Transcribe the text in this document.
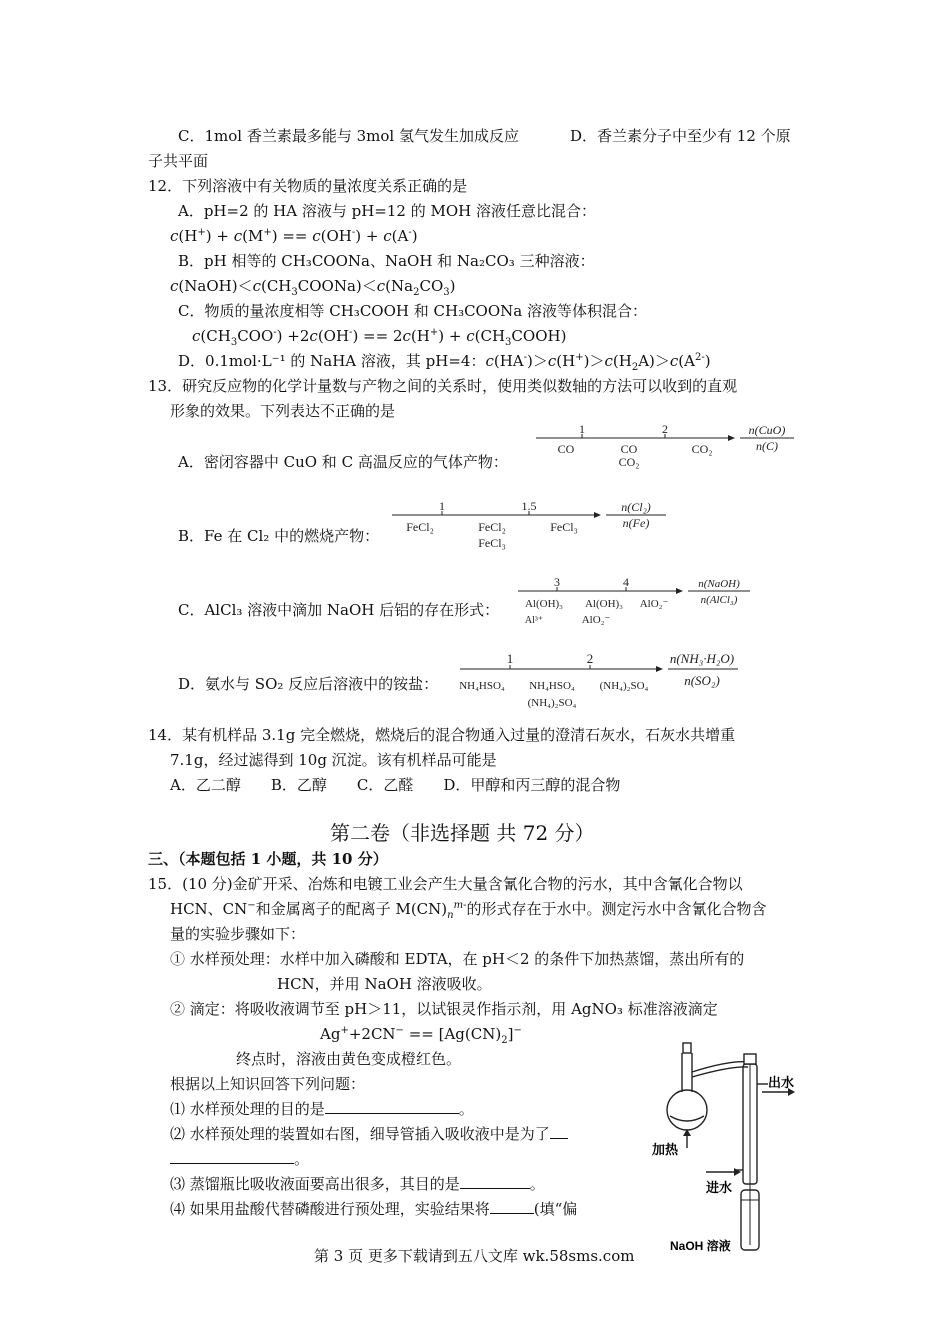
C．1mol 香兰素最多能与 3mol 氢气发生加成反应	D．香兰素分子中至少有 12 个原
子共平面
12．下列溶液中有关物质的量浓度关系正确的是
A．pH=2 的 HA 溶液与 pH=12 的 MOH 溶液任意比混合：
c(H+) + c(M+) == c(OH-) + c(A-)
B．pH 相等的 CH₃COONa、NaOH 和 Na₂CO₃ 三种溶液：
$c(NaOH)<c(CH_3COONa)<c(Na_2CO_3)$
C．物质的量浓度相等 CH₃COOH 和 CH₃COONa 溶液等体积混合：
$c(CH_3COO^-) +2c(OH^-) == 2c(H^+)$ + $c(CH_3COOH)$
D．0.1mol·L⁻¹ 的 NaHA 溶液，其 pH=4：$c(HA^-)>c(H^+)>c(H_2A)>c(A^{2-})$
13．研究反应物的化学计量数与产物之间的关系时，使用类似数轴的方法可以收到的直观
形象的效果。下列表达不正确的是
A．密闭容器中 CuO 和 C 高温反应的气体产物：
1	2
CO	CO
CO₂
CO₂
n(CuO)
n(C)
B．Fe 在 Cl₂ 中的燃烧产物：
1	1.5
FeCl₂	FeCl₂
FeCl₃
FeCl₃
n(Cl₂)
n(Fe)
C．AlCl₃ 溶液中滴加 NaOH 后铝的存在形式：
3	4
Al(OH)₃
Al³⁺
Al(OH)₃
AlO₂⁻
AlO₂⁻
n(NaOH)
n(AlCl₃)
D．氨水与 SO₂ 反应后溶液中的铵盐：
1	2
NH₄HSO₄ NH₄HSO₄
(NH₄)₂SO₄
(NH₄)₂SO₄
n(NH₃·H₂O)
n(SO₂)
14．某有机样品 3.1g 完全燃烧，燃烧后的混合物通入过量的澄清石灰水，石灰水共增重
7.1g，经过滤得到 10g 沉淀。该有机样品可能是
A．乙二醇　　B．乙醇　　C．乙醛　　D．甲醇和丙三醇的混合物
第二卷（非选择题 共 72 分）
三、（本题包括 1 小题，共 10 分）
15．(10 分)金矿开采、冶炼和电镀工业会产生大量含氰化合物的污水，其中含氰化合物以
HCN、CN−和金属离子的配离子 $M(CN)_n^{m-}$的形式存在于水中。测定污水中含氰化合物含
量的实验步骤如下：
① 水样预处理：水样中加入磷酸和 EDTA，在 pH＜2 的条件下加热蒸馏，蒸出所有的
HCN，并用 NaOH 溶液吸收。
② 滴定：将吸收液调节至 pH＞11，以试银灵作指示剂，用 AgNO₃ 标准溶液滴定
$Ag^++2CN^- == [Ag(CN)_2]^-$
终点时，溶液由黄色变成橙红色。
根据以上知识回答下列问题：
⑴ 水样预处理的目的是	。
⑵ 水样预处理的装置如右图，细导管插入吸收液中是为了
。
⑶ 蒸馏瓶比吸收液面要高出很多，其目的是	。
⑷ 如果用盐酸代替磷酸进行预处理，实验结果将	(填“偏
出水
加热
进水
NaOH 溶液
第 3 页 更多下载请到五八文库 wk.58sms.com
